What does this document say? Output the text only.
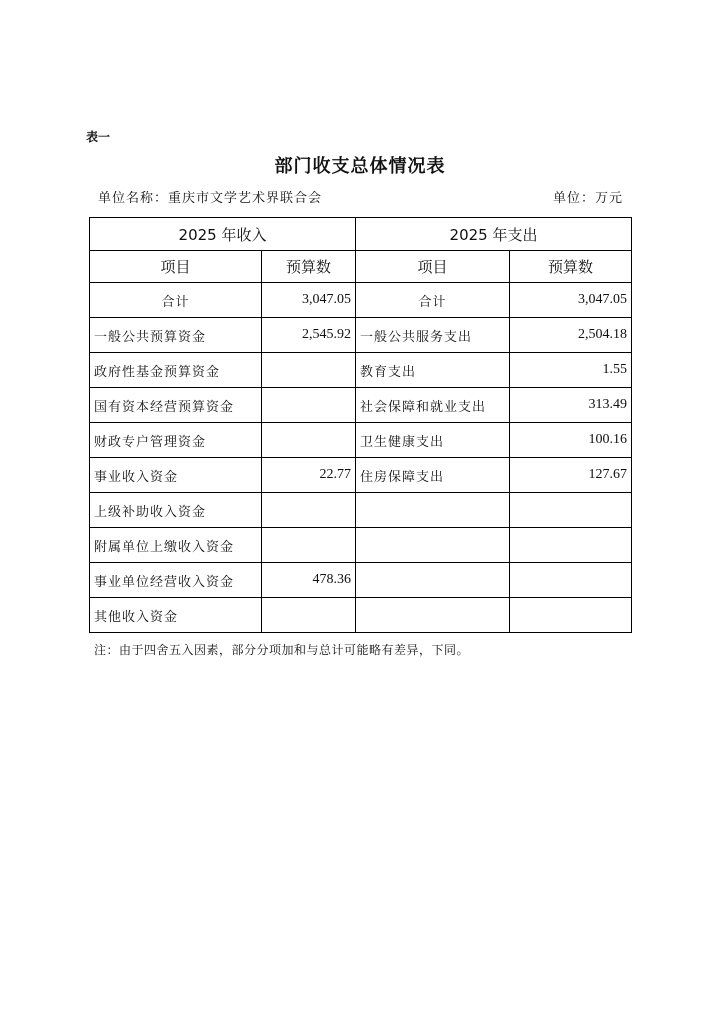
表一
部门收支总体情况表
单位名称：重庆市文学艺术界联合会	单位：万元
2025 年收入		2025 年支出	
项目	预算数	项目	预算数
合计	3,047.05	合计	3,047.05
一般公共预算资金	2,545.92	一般公共服务支出	2,504.18
政府性基金预算资金		教育支出	1.55
国有资本经营预算资金		社会保障和就业支出	313.49
财政专户管理资金		卫生健康支出	100.16
事业收入资金	22.77	住房保障支出	127.67
上级补助收入资金			
附属单位上缴收入资金			
事业单位经营收入资金	478.36		
其他收入资金			
注：由于四舍五入因素，部分分项加和与总计可能略有差异，下同。
